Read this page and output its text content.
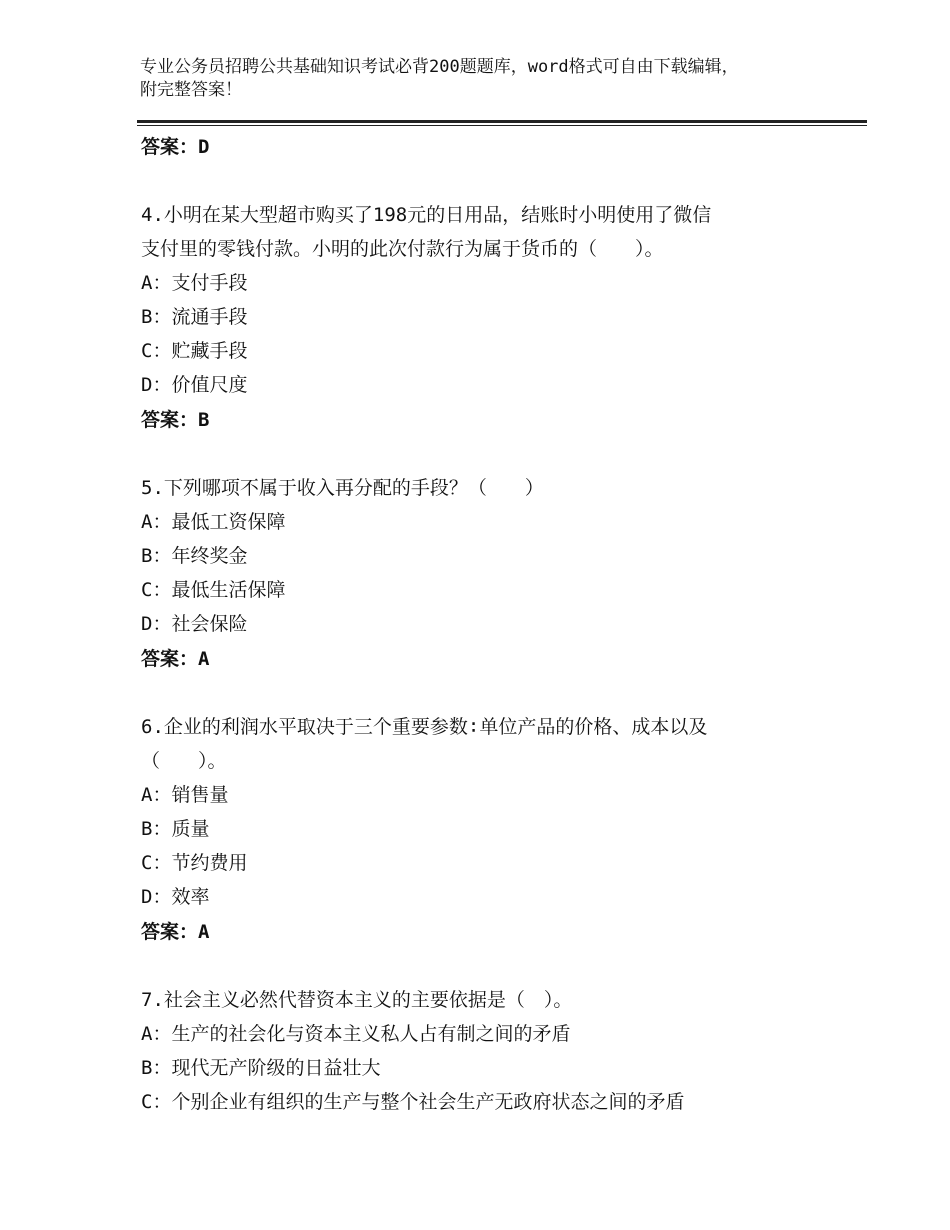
专业公务员招聘公共基础知识考试必背200题题库，word格式可自由下载编辑，
附完整答案！
答案：D
4.小明在某大型超市购买了198元的日用品，结账时小明使用了微信
支付里的零钱付款。小明的此次付款行为属于货币的（　　）。
A：支付手段
B：流通手段
C：贮藏手段
D：价值尺度
答案：B
5.下列哪项不属于收入再分配的手段？（　　）
A：最低工资保障
B：年终奖金
C：最低生活保障
D：社会保险
答案：A
6.企业的利润水平取决于三个重要参数∶单位产品的价格、成本以及
（　　）。
A：销售量
B：质量
C：节约费用
D：效率
答案：A
7.社会主义必然代替资本主义的主要依据是（　）。
A：生产的社会化与资本主义私人占有制之间的矛盾
B：现代无产阶级的日益壮大
C：个别企业有组织的生产与整个社会生产无政府状态之间的矛盾
